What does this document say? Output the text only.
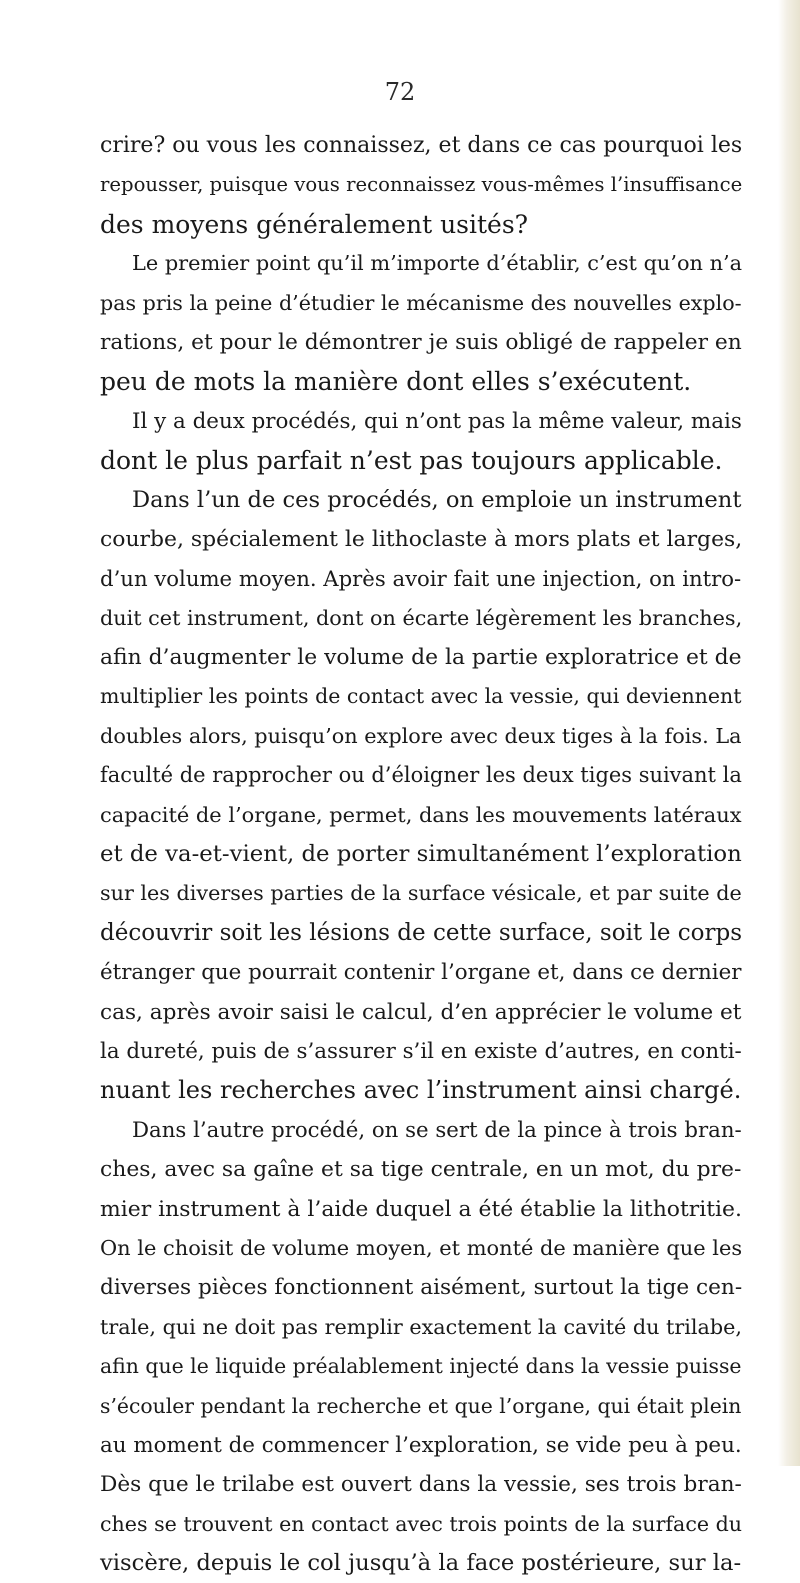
72
crire? ou vous les connaissez, et dans ce cas pourquoi les
repousser, puisque vous reconnaissez vous-mêmes l’insuffisance
des moyens généralement usités?
Le premier point qu’il m’importe d’établir, c’est qu’on n’a
pas pris la peine d’étudier le mécanisme des nouvelles explo-
rations, et pour le démontrer je suis obligé de rappeler en
peu de mots la manière dont elles s’exécutent.
Il y a deux procédés, qui n’ont pas la même valeur, mais
dont le plus parfait n’est pas toujours applicable.
Dans l’un de ces procédés, on emploie un instrument
courbe, spécialement le lithoclaste à mors plats et larges,
d’un volume moyen. Après avoir fait une injection, on intro-
duit cet instrument, dont on écarte légèrement les branches,
afin d’augmenter le volume de la partie exploratrice et de
multiplier les points de contact avec la vessie, qui deviennent
doubles alors, puisqu’on explore avec deux tiges à la fois. La
faculté de rapprocher ou d’éloigner les deux tiges suivant la
capacité de l’organe, permet, dans les mouvements latéraux
et de va-et-vient, de porter simultanément l’exploration
sur les diverses parties de la surface vésicale, et par suite de
découvrir soit les lésions de cette surface, soit le corps
étranger que pourrait contenir l’organe et, dans ce dernier
cas, après avoir saisi le calcul, d’en apprécier le volume et
la dureté, puis de s’assurer s’il en existe d’autres, en conti-
nuant les recherches avec l’instrument ainsi chargé.
Dans l’autre procédé, on se sert de la pince à trois bran-
ches, avec sa gaîne et sa tige centrale, en un mot, du pre-
mier instrument à l’aide duquel a été établie la lithotritie.
On le choisit de volume moyen, et monté de manière que les
diverses pièces fonctionnent aisément, surtout la tige cen-
trale, qui ne doit pas remplir exactement la cavité du trilabe,
afin que le liquide préalablement injecté dans la vessie puisse
s’écouler pendant la recherche et que l’organe, qui était plein
au moment de commencer l’exploration, se vide peu à peu.
Dès que le trilabe est ouvert dans la vessie, ses trois bran-
ches se trouvent en contact avec trois points de la surface du
viscère, depuis le col jusqu’à la face postérieure, sur la-
